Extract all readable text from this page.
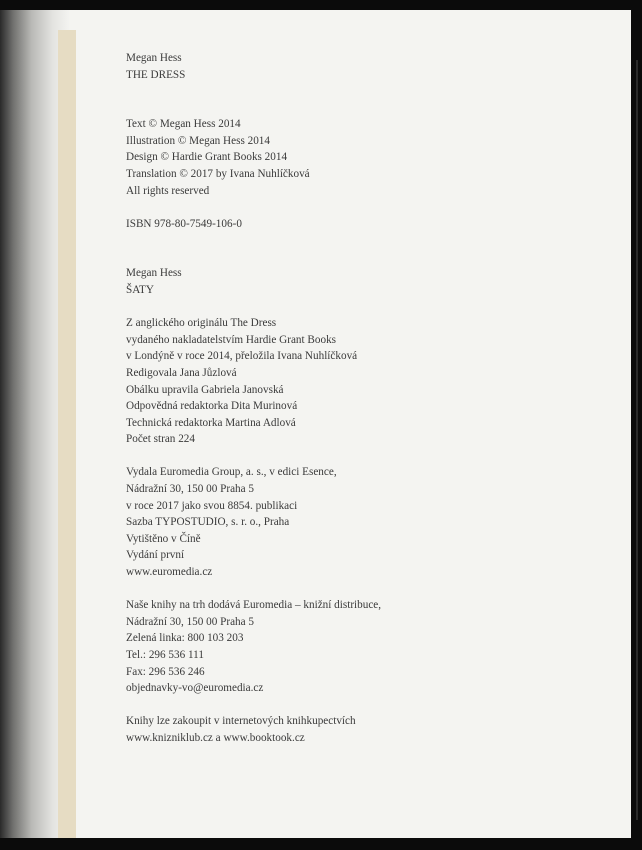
Megan Hess
THE DRESS
Text © Megan Hess 2014
Illustration © Megan Hess 2014
Design © Hardie Grant Books 2014
Translation © 2017 by Ivana Nuhlíčková
All rights reserved
ISBN 978-80-7549-106-0
Megan Hess
ŠATY
Z anglického originálu The Dress
vydaného nakladatelstvím Hardie Grant Books
v Londýně v roce 2014, přeložila Ivana Nuhlíčková
Redigovala Jana Jůzlová
Obálku upravila Gabriela Janovská
Odpovědná redaktorka Dita Murinová
Technická redaktorka Martina Adlová
Počet stran 224
Vydala Euromedia Group, a. s., v edici Esence,
Nádražní 30, 150 00 Praha 5
v roce 2017 jako svou 8854. publikaci
Sazba TYPOSTUDIO, s. r. o., Praha
Vytištěno v Číně
Vydání první
www.euromedia.cz
Naše knihy na trh dodává Euromedia – knižní distribuce,
Nádražní 30, 150 00 Praha 5
Zelená linka: 800 103 203
Tel.: 296 536 111
Fax: 296 536 246
objednavky-vo@euromedia.cz
Knihy lze zakoupit v internetových knihkupectvích
www.knizniklub.cz a www.booktook.cz
